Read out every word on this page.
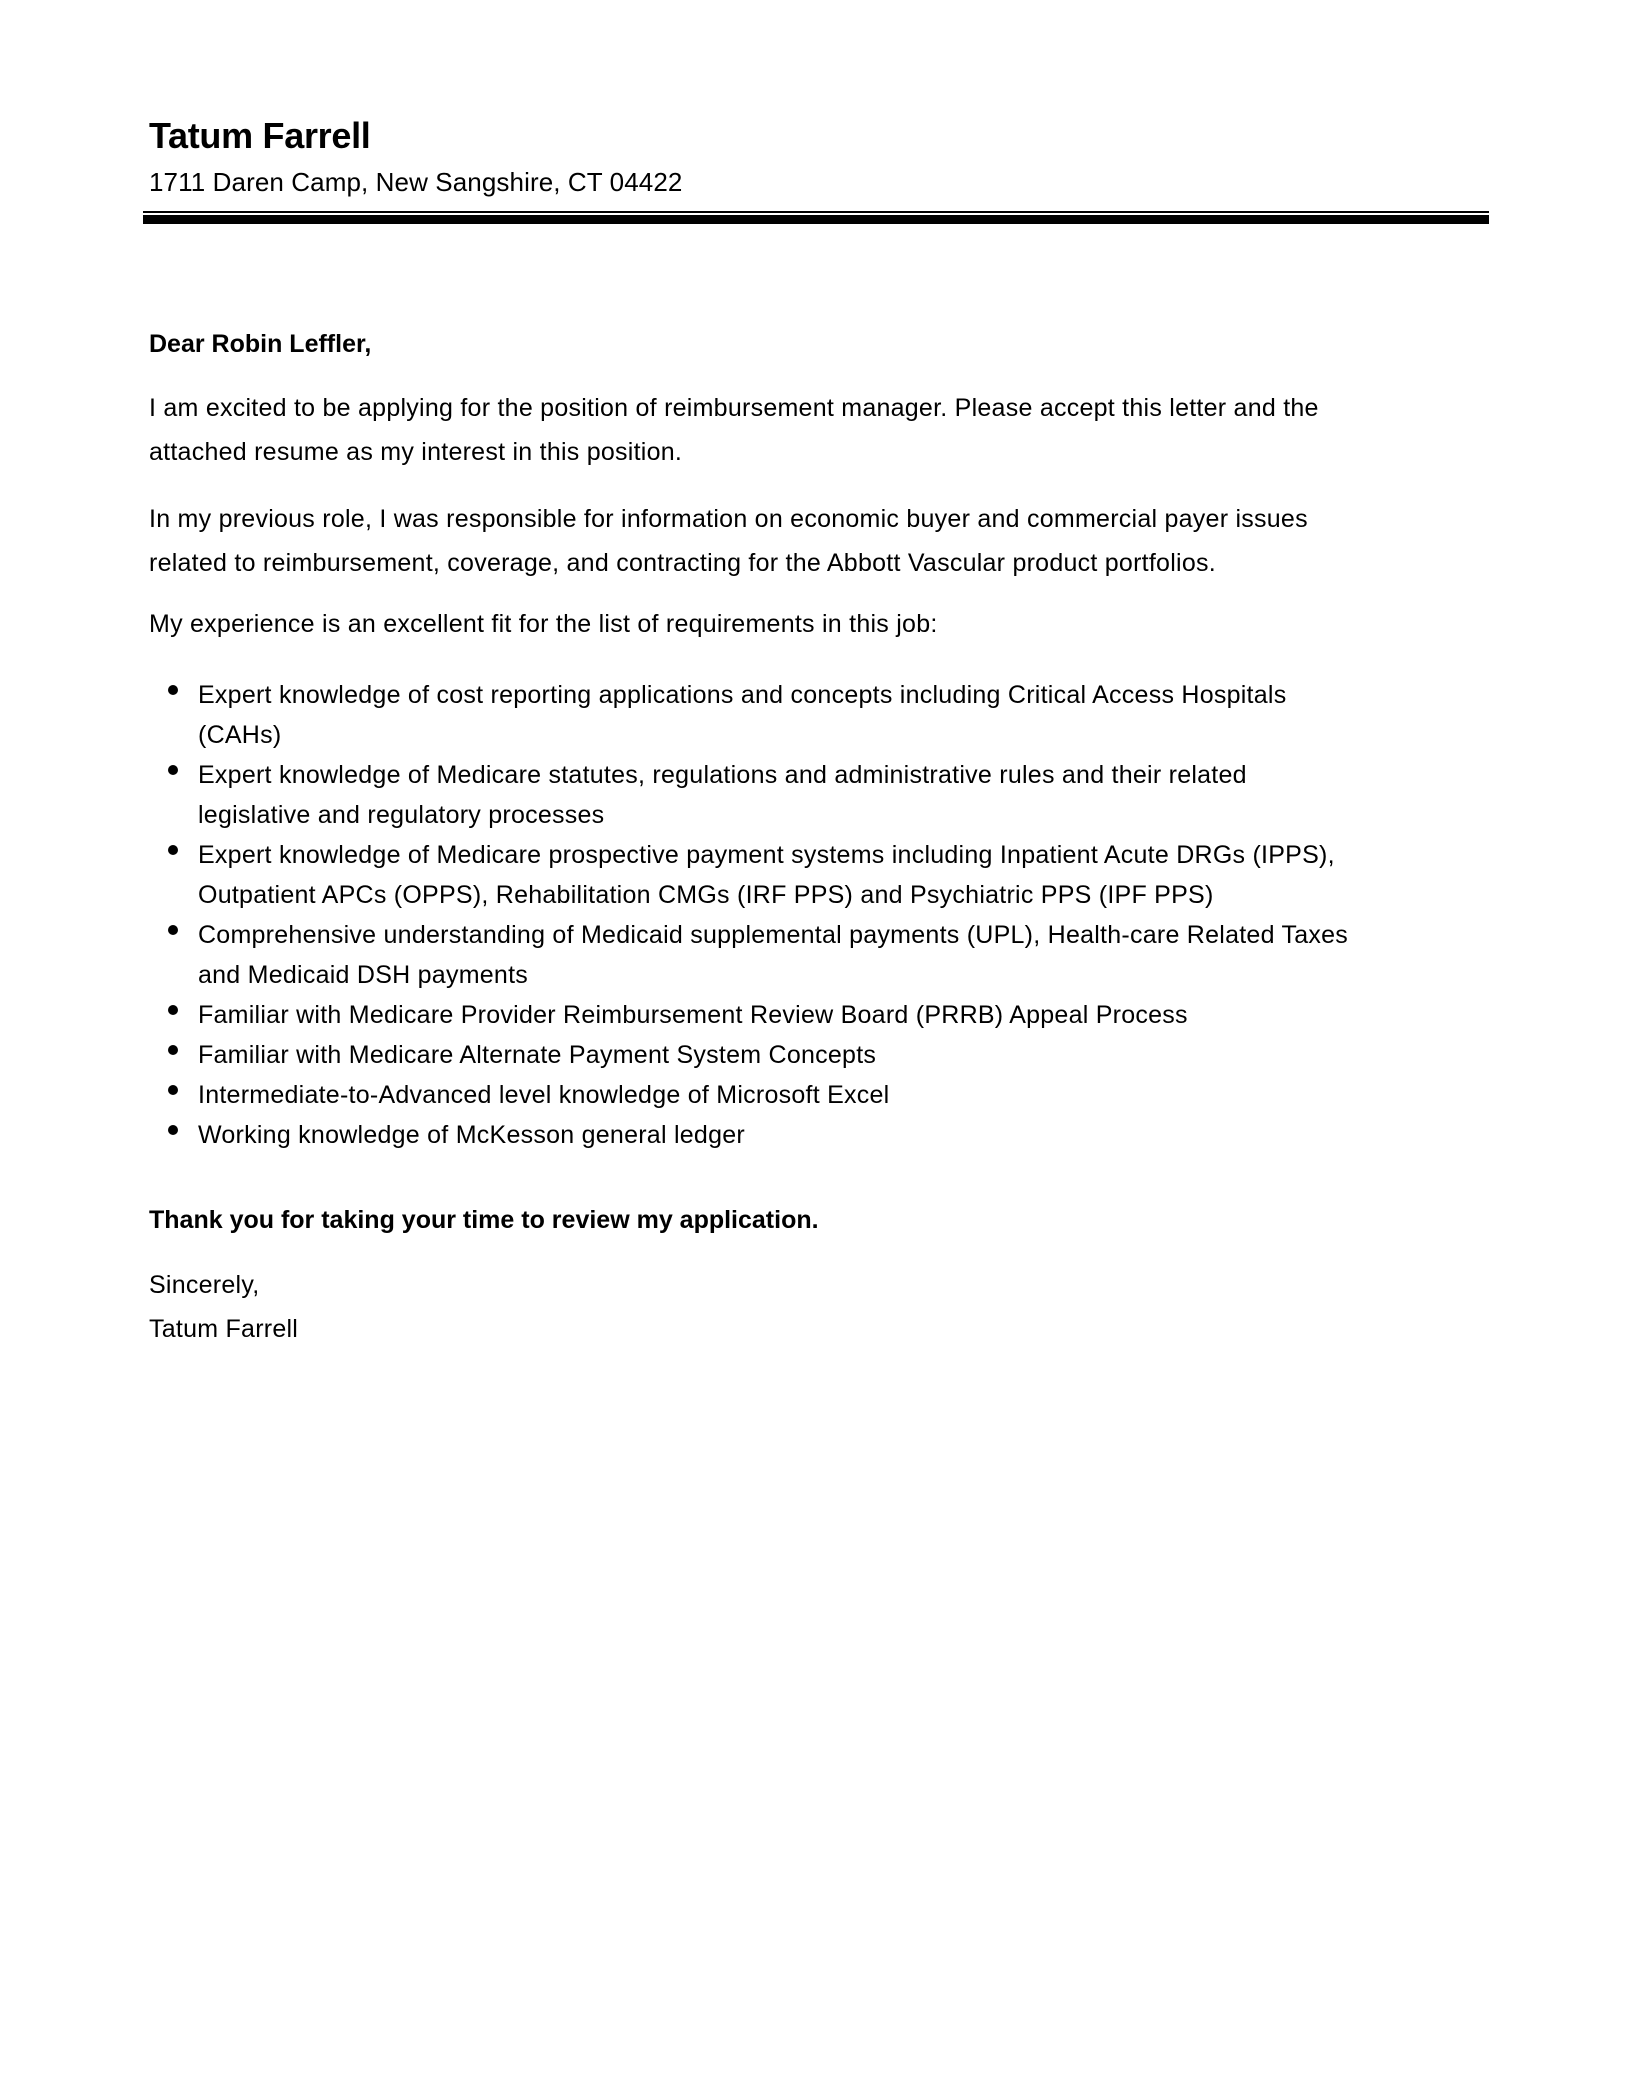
Tatum Farrell
1711 Daren Camp, New Sangshire, CT 04422
Dear Robin Leffler,
I am excited to be applying for the position of reimbursement manager. Please accept this letter and the
attached resume as my interest in this position.
In my previous role, I was responsible for information on economic buyer and commercial payer issues
related to reimbursement, coverage, and contracting for the Abbott Vascular product portfolios.
My experience is an excellent fit for the list of requirements in this job:
Expert knowledge of cost reporting applications and concepts including Critical Access Hospitals
(CAHs)
Expert knowledge of Medicare statutes, regulations and administrative rules and their related
legislative and regulatory processes
Expert knowledge of Medicare prospective payment systems including Inpatient Acute DRGs (IPPS),
Outpatient APCs (OPPS), Rehabilitation CMGs (IRF PPS) and Psychiatric PPS (IPF PPS)
Comprehensive understanding of Medicaid supplemental payments (UPL), Health-care Related Taxes
and Medicaid DSH payments
Familiar with Medicare Provider Reimbursement Review Board (PRRB) Appeal Process
Familiar with Medicare Alternate Payment System Concepts
Intermediate-to-Advanced level knowledge of Microsoft Excel
Working knowledge of McKesson general ledger
Thank you for taking your time to review my application.
Sincerely,
Tatum Farrell
